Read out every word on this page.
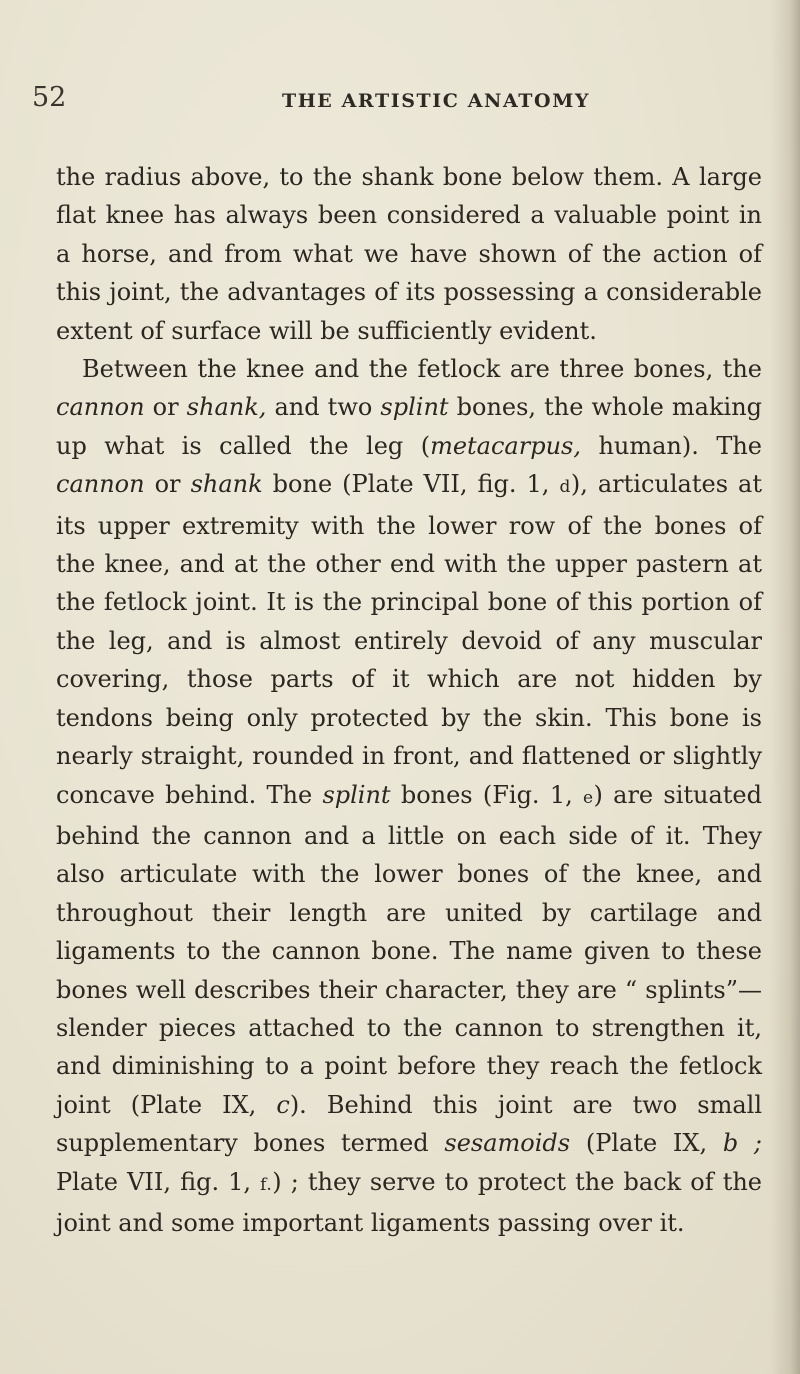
52	THE ARTISTIC ANATOMY

the radius above, to the shank bone below them. A large flat knee has always been considered a valuable point in a horse, and from what we have shown of the action of this joint, the advantages of its possessing a considerable extent of surface will be sufficiently evident.

Between the knee and the fetlock are three bones, the cannon or shank, and two splint bones, the whole making up what is called the leg (metacarpus, human). The cannon or shank bone (Plate VII, fig. 1, d), articulates at its upper extremity with the lower row of the bones of the knee, and at the other end with the upper pastern at the fetlock joint. It is the principal bone of this portion of the leg, and is almost entirely devoid of any muscular covering, those parts of it which are not hidden by tendons being only protected by the skin. This bone is nearly straight, rounded in front, and flattened or slightly concave behind. The splint bones (Fig. 1, e) are situated behind the cannon and a little on each side of it. They also articulate with the lower bones of the knee, and throughout their length are united by cartilage and ligaments to the cannon bone. The name given to these bones well describes their character, they are “ splints”—slender pieces attached to the cannon to strengthen it, and diminishing to a point before they reach the fetlock joint (Plate IX, c). Behind this joint are two small supplementary bones termed sesamoids (Plate IX, b ; Plate VII, fig. 1, f.) ; they serve to protect the back of the joint and some important ligaments passing over it.
